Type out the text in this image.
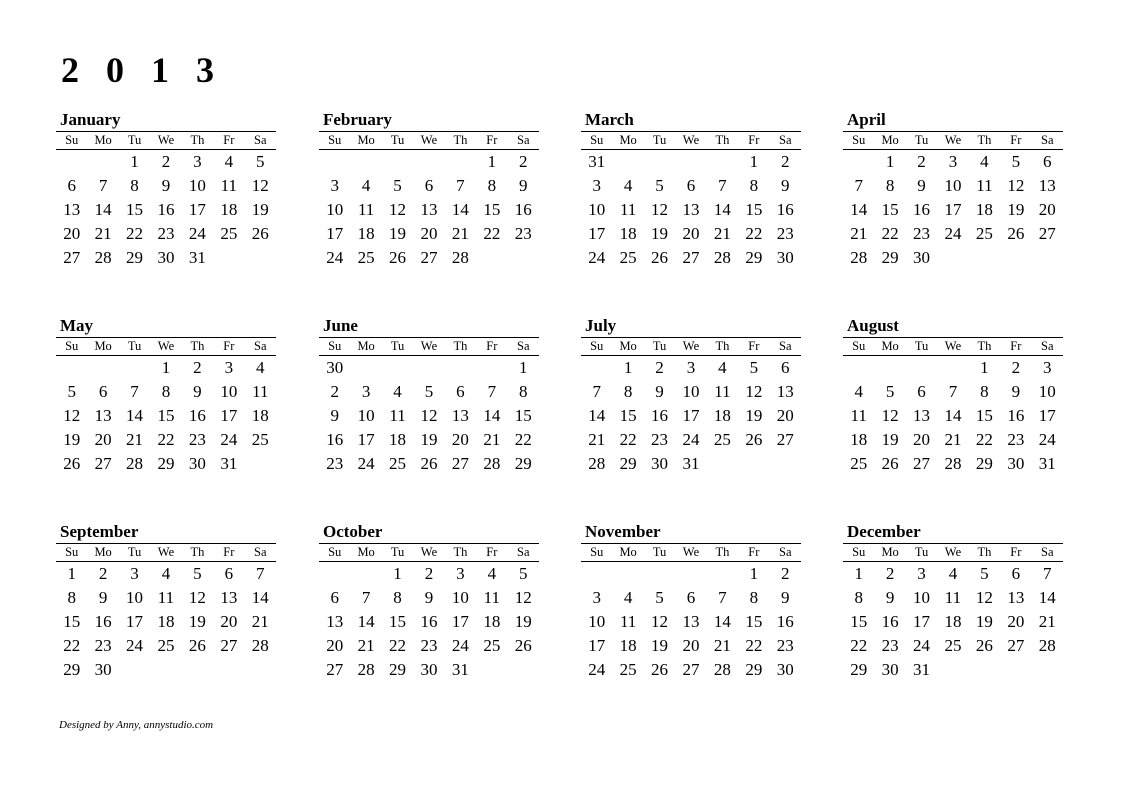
2 0 1 3
January
Su	Mo	Tu	We	Th	Fr	Sa
		1	2	3	4	5
6	7	8	9	10	11	12
13	14	15	16	17	18	19
20	21	22	23	24	25	26
27	28	29	30	31		
February
Su	Mo	Tu	We	Th	Fr	Sa
					1	2
3	4	5	6	7	8	9
10	11	12	13	14	15	16
17	18	19	20	21	22	23
24	25	26	27	28		
March
Su	Mo	Tu	We	Th	Fr	Sa
31					1	2
3	4	5	6	7	8	9
10	11	12	13	14	15	16
17	18	19	20	21	22	23
24	25	26	27	28	29	30
April
Su	Mo	Tu	We	Th	Fr	Sa
	1	2	3	4	5	6
7	8	9	10	11	12	13
14	15	16	17	18	19	20
21	22	23	24	25	26	27
28	29	30				
May
Su	Mo	Tu	We	Th	Fr	Sa
			1	2	3	4
5	6	7	8	9	10	11
12	13	14	15	16	17	18
19	20	21	22	23	24	25
26	27	28	29	30	31	
June
Su	Mo	Tu	We	Th	Fr	Sa
30						1
2	3	4	5	6	7	8
9	10	11	12	13	14	15
16	17	18	19	20	21	22
23	24	25	26	27	28	29
July
Su	Mo	Tu	We	Th	Fr	Sa
	1	2	3	4	5	6
7	8	9	10	11	12	13
14	15	16	17	18	19	20
21	22	23	24	25	26	27
28	29	30	31			
August
Su	Mo	Tu	We	Th	Fr	Sa
				1	2	3
4	5	6	7	8	9	10
11	12	13	14	15	16	17
18	19	20	21	22	23	24
25	26	27	28	29	30	31
September
Su	Mo	Tu	We	Th	Fr	Sa
1	2	3	4	5	6	7
8	9	10	11	12	13	14
15	16	17	18	19	20	21
22	23	24	25	26	27	28
29	30					
October
Su	Mo	Tu	We	Th	Fr	Sa
		1	2	3	4	5
6	7	8	9	10	11	12
13	14	15	16	17	18	19
20	21	22	23	24	25	26
27	28	29	30	31		
November
Su	Mo	Tu	We	Th	Fr	Sa
					1	2
3	4	5	6	7	8	9
10	11	12	13	14	15	16
17	18	19	20	21	22	23
24	25	26	27	28	29	30
December
Su	Mo	Tu	We	Th	Fr	Sa
1	2	3	4	5	6	7
8	9	10	11	12	13	14
15	16	17	18	19	20	21
22	23	24	25	26	27	28
29	30	31				
Designed by Anny, annystudio.com
